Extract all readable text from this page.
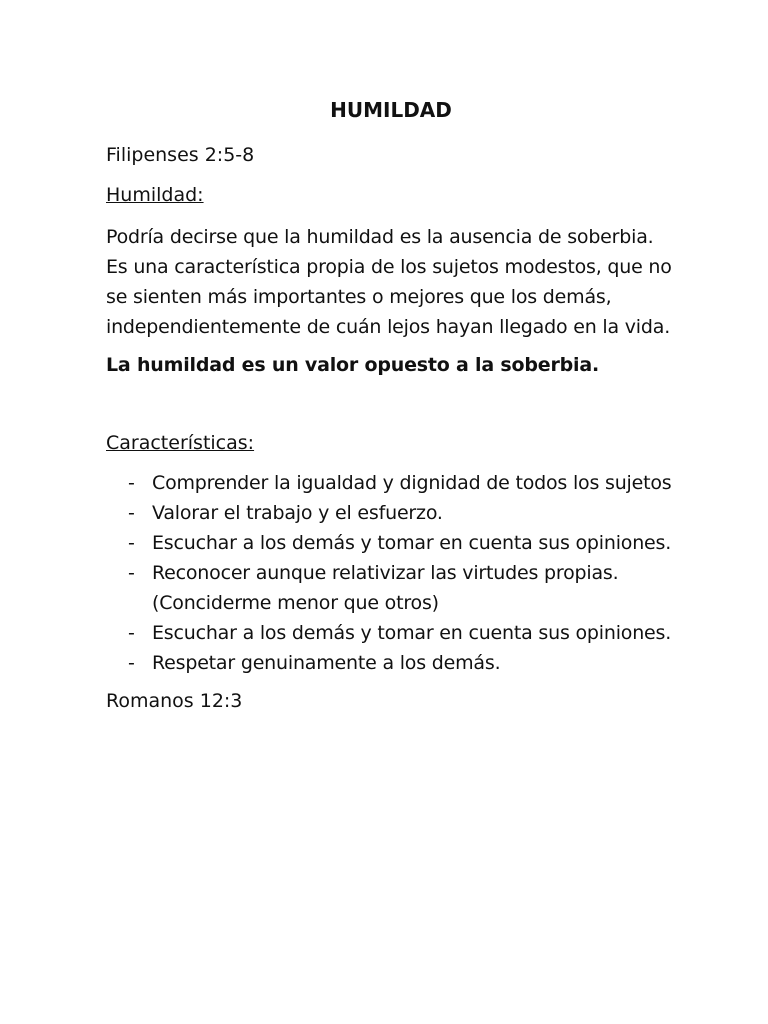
HUMILDAD
Filipenses 2:5-8
Humildad:
Podría decirse que la humildad es la ausencia de soberbia.
Es una característica propia de los sujetos modestos, que no
se sienten más importantes o mejores que los demás,
independientemente de cuán lejos hayan llegado en la vida.
La humildad es un valor opuesto a la soberbia.
Características:
- Comprender la igualdad y dignidad de todos los sujetos
- Valorar el trabajo y el esfuerzo.
- Escuchar a los demás y tomar en cuenta sus opiniones.
- Reconocer aunque relativizar las virtudes propias.
(Conciderme menor que otros)
- Escuchar a los demás y tomar en cuenta sus opiniones.
- Respetar genuinamente a los demás.
Romanos 12:3
